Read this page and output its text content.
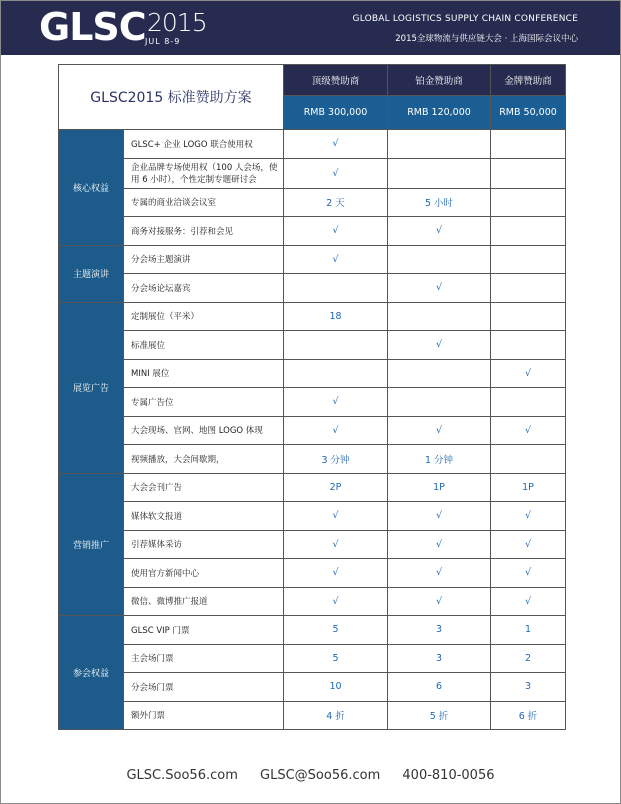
GLSC 2015
JUL 8-9
GLOBAL LOGISTICS SUPPLY CHAIN CONFERENCE
2015全球物流与供应链大会 · 上海国际会议中心
GLSC2015 标准赞助方案		顶级赞助商	铂金赞助商	金牌赞助商
		RMB 300,000	RMB 120,000	RMB 50,000
核心权益	GLSC+ 企业 LOGO 联合使用权	√		
	企业品牌专场使用权（100 人会场，使用 6 小时），个性定制专题研讨会	√		
	专属的商业洽谈会议室	2 天	5 小时	
	商务对接服务：引荐和会见	√	√	
主题演讲	分会场主题演讲	√		
	分会场论坛嘉宾		√	
展览广告	定制展位（平米）	18		
	标准展位		√	
	MINI 展位			√
	专属广告位	√		
	大会现场、官网、地图 LOGO 体现	√	√	√
	视频播放，大会间歇期，	3 分钟	1 分钟	
营销推广	大会会刊广告	2P	1P	1P
	媒体软文报道	√	√	√
	引荐媒体采访	√	√	√
	使用官方新闻中心	√	√	√
	微信、微博推广报道	√	√	√
参会权益	GLSC VIP 门票	5	3	1
	主会场门票	5	3	2
	分会场门票	10	6	3
	额外门票	4 折	5 折	6 折
GLSC.Soo56.com GLSC@Soo56.com 400-810-0056
